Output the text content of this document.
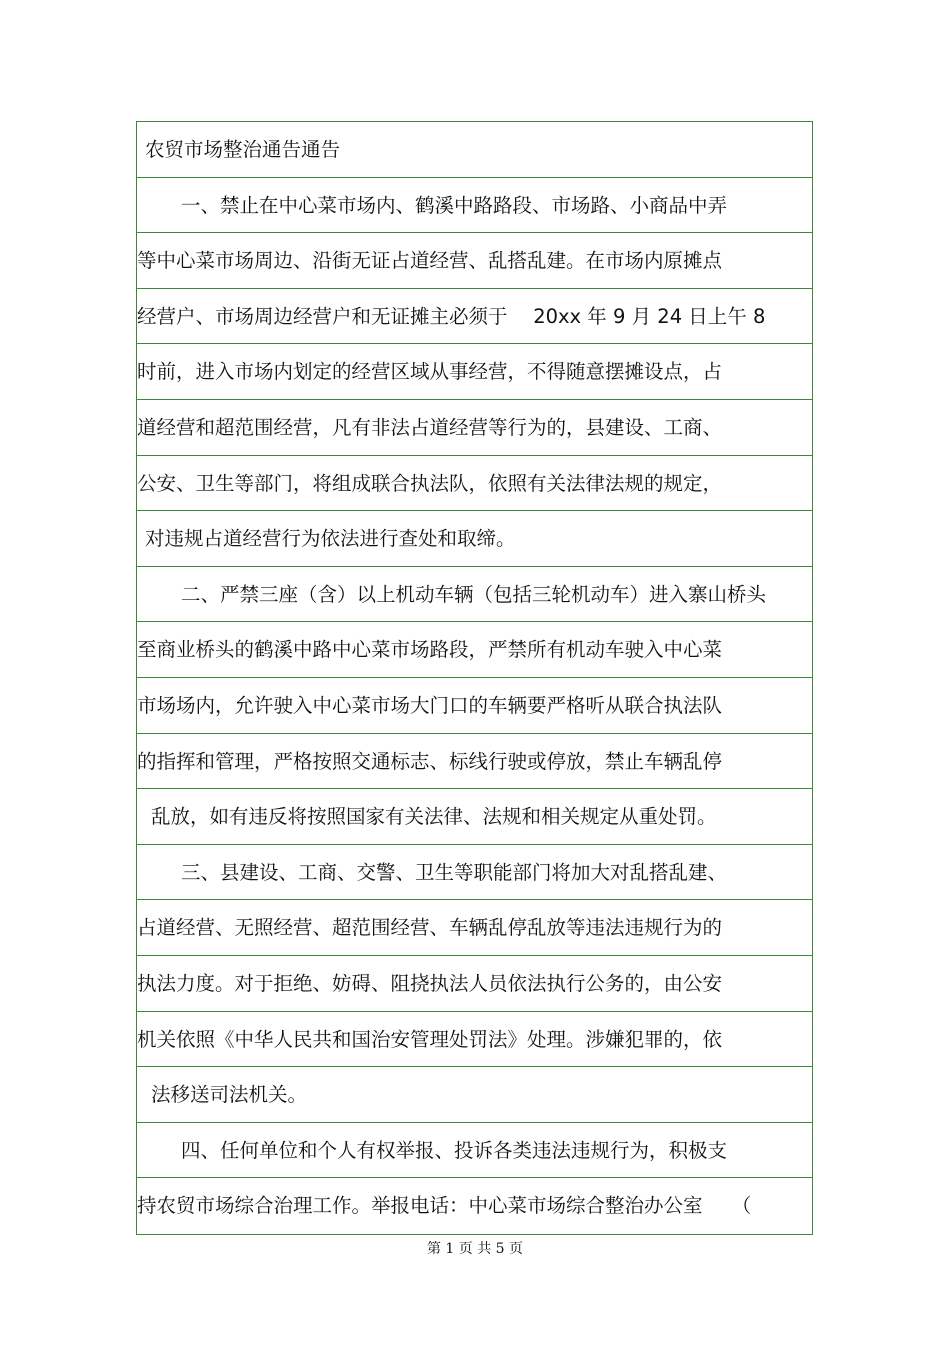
农贸市场整治通告通告
一、禁止在中心菜市场内、鹤溪中路路段、市场路、小商品中弄
等中心菜市场周边、沿街无证占道经营、乱搭乱建。在市场内原摊点
经营户、市场周边经营户和无证摊主必须于　 20xx 年 9 月 24 日上午 8
时前，进入市场内划定的经营区域从事经营，不得随意摆摊设点，占
道经营和超范围经营，凡有非法占道经营等行为的，县建设、工商、
公安、卫生等部门，将组成联合执法队，依照有关法律法规的规定，
对违规占道经营行为依法进行查处和取缔。
二、严禁三座（含）以上机动车辆（包括三轮机动车）进入寨山桥头
至商业桥头的鹤溪中路中心菜市场路段，严禁所有机动车驶入中心菜
市场场内，允许驶入中心菜市场大门口的车辆要严格听从联合执法队
的指挥和管理，严格按照交通标志、标线行驶或停放，禁止车辆乱停
乱放，如有违反将按照国家有关法律、法规和相关规定从重处罚。
三、县建设、工商、交警、卫生等职能部门将加大对乱搭乱建、
占道经营、无照经营、超范围经营、车辆乱停乱放等违法违规行为的
执法力度。对于拒绝、妨碍、阻挠执法人员依法执行公务的，由公安
机关依照《中华人民共和国治安管理处罚法》处理。涉嫌犯罪的，依
法移送司法机关。
四、任何单位和个人有权举报、投诉各类违法违规行为，积极支
持农贸市场综合治理工作。举报电话：中心菜市场综合整治办公室　　（
第 1 页 共 5 页
